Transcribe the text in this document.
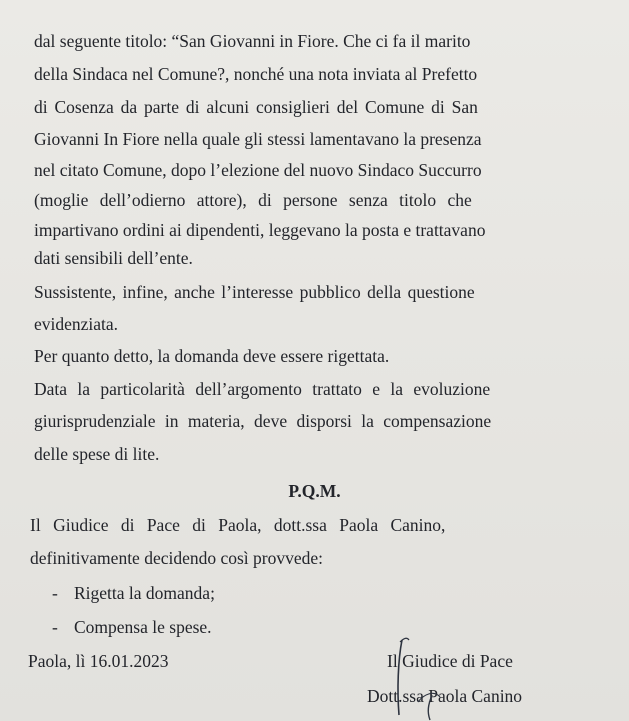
dal seguente titolo: “San Giovanni in Fiore. Che ci fa il marito
della Sindaca nel Comune?, nonché una nota inviata al Prefetto
di Cosenza da parte di alcuni consiglieri del Comune di San
Giovanni In Fiore nella quale gli stessi lamentavano la presenza
nel citato Comune, dopo l’elezione del nuovo Sindaco Succurro
(moglie dell’odierno attore), di persone senza titolo che
impartivano ordini ai dipendenti, leggevano la posta e trattavano
dati sensibili dell’ente.
Sussistente, infine, anche l’interesse pubblico della questione
evidenziata.
Per quanto detto, la domanda deve essere rigettata.
Data la particolarità dell’argomento trattato e la evoluzione
giurisprudenziale in materia, deve disporsi la compensazione
delle spese di lite.
P.Q.M.
Il Giudice di Pace di Paola, dott.ssa Paola Canino,
definitivamente decidendo così provvede:
- Rigetta la domanda;
- Compensa le spese.
Paola, lì 16.01.2023	Il Giudice di Pace
Dott.ssa Paola Canino
